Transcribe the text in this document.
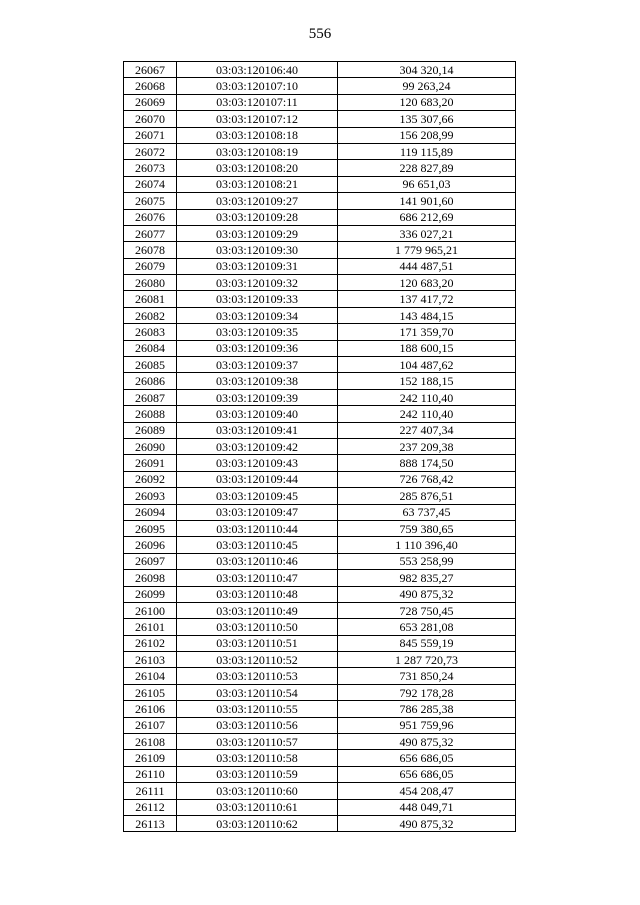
556
26067	03:03:120106:40	304 320,14
26068	03:03:120107:10	99 263,24
26069	03:03:120107:11	120 683,20
26070	03:03:120107:12	135 307,66
26071	03:03:120108:18	156 208,99
26072	03:03:120108:19	119 115,89
26073	03:03:120108:20	228 827,89
26074	03:03:120108:21	96 651,03
26075	03:03:120109:27	141 901,60
26076	03:03:120109:28	686 212,69
26077	03:03:120109:29	336 027,21
26078	03:03:120109:30	1 779 965,21
26079	03:03:120109:31	444 487,51
26080	03:03:120109:32	120 683,20
26081	03:03:120109:33	137 417,72
26082	03:03:120109:34	143 484,15
26083	03:03:120109:35	171 359,70
26084	03:03:120109:36	188 600,15
26085	03:03:120109:37	104 487,62
26086	03:03:120109:38	152 188,15
26087	03:03:120109:39	242 110,40
26088	03:03:120109:40	242 110,40
26089	03:03:120109:41	227 407,34
26090	03:03:120109:42	237 209,38
26091	03:03:120109:43	888 174,50
26092	03:03:120109:44	726 768,42
26093	03:03:120109:45	285 876,51
26094	03:03:120109:47	63 737,45
26095	03:03:120110:44	759 380,65
26096	03:03:120110:45	1 110 396,40
26097	03:03:120110:46	553 258,99
26098	03:03:120110:47	982 835,27
26099	03:03:120110:48	490 875,32
26100	03:03:120110:49	728 750,45
26101	03:03:120110:50	653 281,08
26102	03:03:120110:51	845 559,19
26103	03:03:120110:52	1 287 720,73
26104	03:03:120110:53	731 850,24
26105	03:03:120110:54	792 178,28
26106	03:03:120110:55	786 285,38
26107	03:03:120110:56	951 759,96
26108	03:03:120110:57	490 875,32
26109	03:03:120110:58	656 686,05
26110	03:03:120110:59	656 686,05
26111	03:03:120110:60	454 208,47
26112	03:03:120110:61	448 049,71
26113	03:03:120110:62	490 875,32
